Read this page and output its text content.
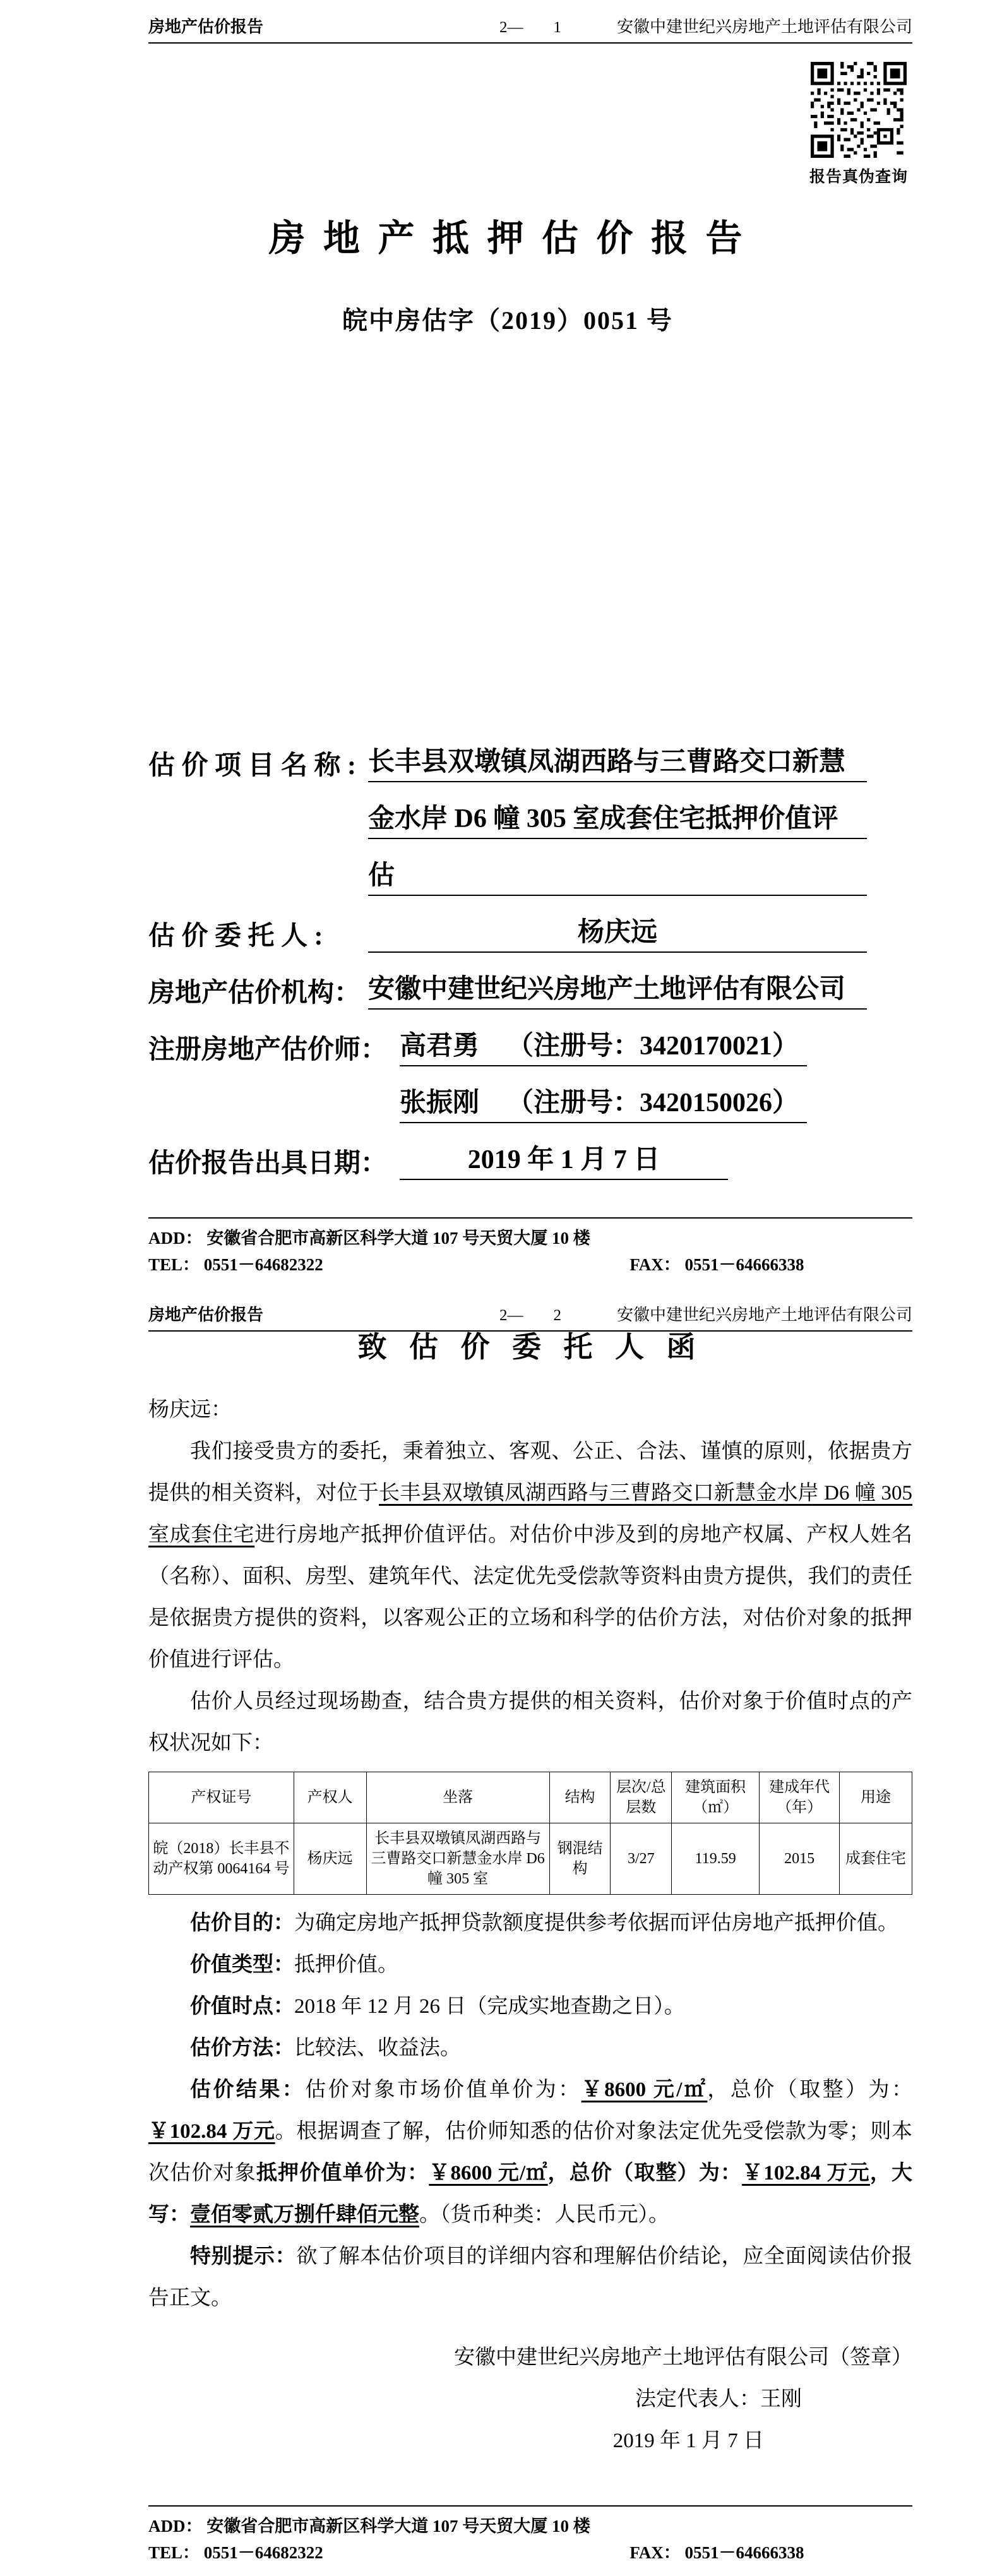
房地产估价报告	2— 1	安徽中建世纪兴房地产土地评估有限公司
报告真伪查询
房 地 产 抵 押 估 价 报 告
皖中房估字（2019）0051 号
估 价 项 目 名 称 : 长丰县双墩镇凤湖西路与三曹路交口新慧
金水岸 D6 幢 305 室成套住宅抵押价值评
估
估 价 委 托 人 :	杨庆远
房地产估价机构： 安徽中建世纪兴房地产土地评估有限公司
注册房地产估价师： 高君勇 （注册号：3420170021）
张振刚 （注册号：3420150026）
估价报告出具日期：	2019 年 1 月 7 日
ADD： 安徽省合肥市高新区科学大道 107 号天贸大厦 10 楼
TEL： 0551－64682322	FAX： 0551－64666338
房地产估价报告	2— 2	安徽中建世纪兴房地产土地评估有限公司
致 估 价 委 托 人 函
杨庆远：

我们接受贵方的委托，秉着独立、客观、公正、合法、谨慎的原则，依据贵方提供的相关资料，对位于长丰县双墩镇凤湖西路与三曹路交口新慧金水岸 D6 幢 305 室成套住宅进行房地产抵押价值评估。对估价中涉及到的房地产权属、产权人姓名（名称）、面积、房型、建筑年代、法定优先受偿款等资料由贵方提供，我们的责任是依据贵方提供的资料，以客观公正的立场和科学的估价方法，对估价对象的抵押价值进行评估。

估价人员经过现场勘查，结合贵方提供的相关资料，估价对象于价值时点的产权状况如下：

产权证号	产权人	坐落	结构	层次/总层数	建筑面积（㎡）	建成年代（年）	用途
皖（2018）长丰县不动产权第 0064164 号	杨庆远	长丰县双墩镇凤湖西路与三曹路交口新慧金水岸 D6 幢 305 室	钢混结构	3/27	119.59	2015	成套住宅

估价目的：为确定房地产抵押贷款额度提供参考依据而评估房地产抵押价值。

价值类型：抵押价值。

价值时点：2018 年 12 月 26 日（完成实地查勘之日）。

估价方法：比较法、收益法。

估价结果：估价对象市场价值单价为：￥8600 元/㎡，总价（取整）为：￥102.84 万元。根据调查了解，估价师知悉的估价对象法定优先受偿款为零；则本次估价对象抵押价值单价为：￥8600 元/㎡，总价（取整）为：￥102.84 万元，大写：壹佰零贰万捌仟肆佰元整。（货币种类：人民币元）。

特别提示：欲了解本估价项目的详细内容和理解估价结论，应全面阅读估价报告正文。

安徽中建世纪兴房地产土地评估有限公司（签章）
法定代表人：王刚
2019 年 1 月 7 日
ADD： 安徽省合肥市高新区科学大道 107 号天贸大厦 10 楼
TEL： 0551－64682322	FAX： 0551－64666338
